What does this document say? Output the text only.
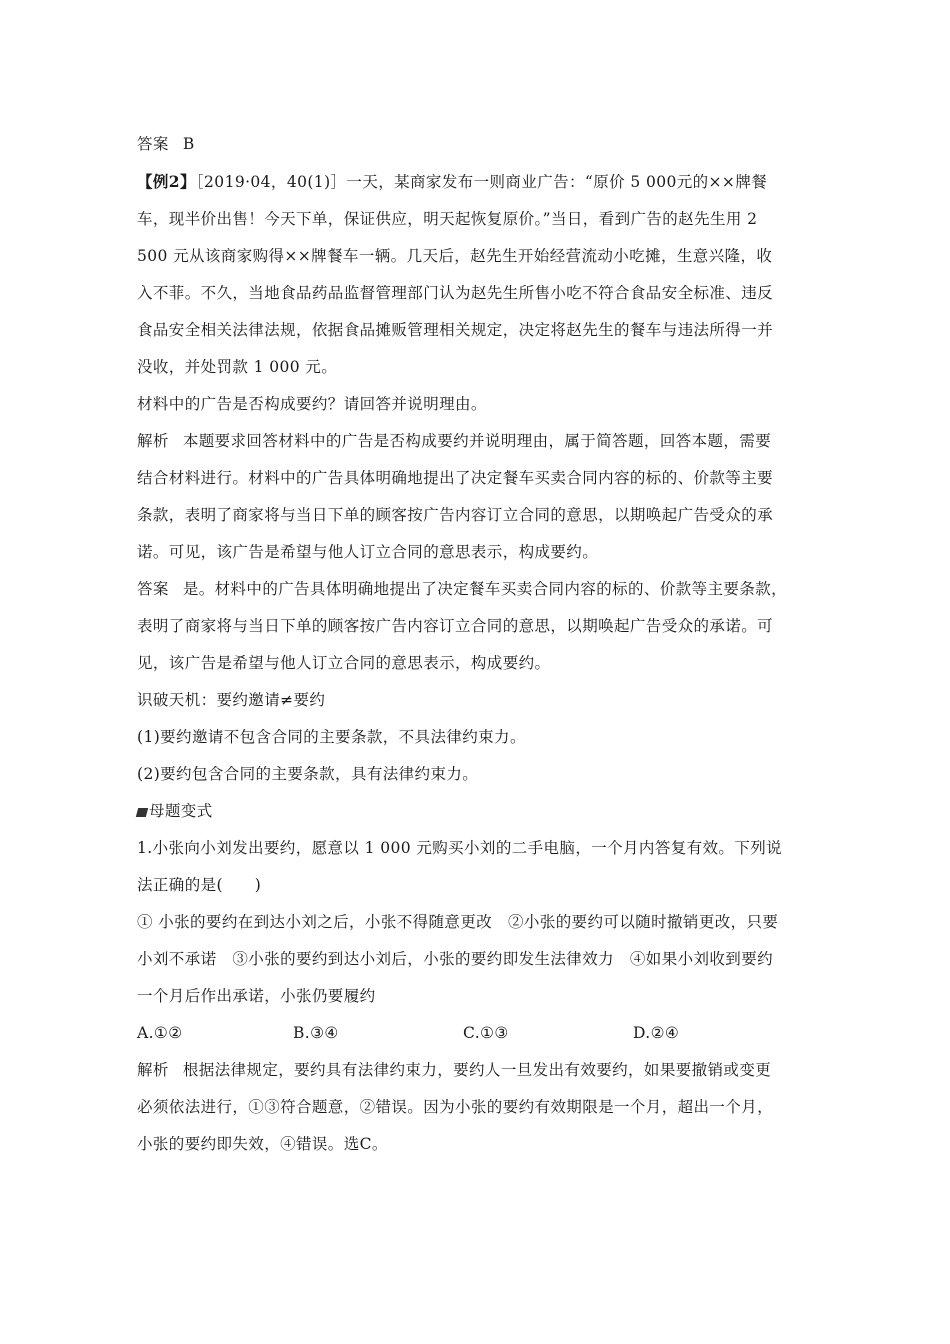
答案 B

【例2】［2019·04，40(1)］一天，某商家发布一则商业广告：“原价 5 000元的××牌餐

车，现半价出售！今天下单，保证供应，明天起恢复原价。”当日，看到广告的赵先生用 2

500 元从该商家购得××牌餐车一辆。几天后，赵先生开始经营流动小吃摊，生意兴隆，收

入不菲。不久，当地食品药品监督管理部门认为赵先生所售小吃不符合食品安全标准、违反

食品安全相关法律法规，依据食品摊贩管理相关规定，决定将赵先生的餐车与违法所得一并

没收，并处罚款 1 000 元。

材料中的广告是否构成要约？请回答并说明理由。

解析 本题要求回答材料中的广告是否构成要约并说明理由，属于简答题，回答本题，需要

结合材料进行。材料中的广告具体明确地提出了决定餐车买卖合同内容的标的、价款等主要

条款，表明了商家将与当日下单的顾客按广告内容订立合同的意思，以期唤起广告受众的承

诺。可见，该广告是希望与他人订立合同的意思表示，构成要约。

答案 是。材料中的广告具体明确地提出了决定餐车买卖合同内容的标的、价款等主要条款，

表明了商家将与当日下单的顾客按广告内容订立合同的意思，以期唤起广告受众的承诺。可

见，该广告是希望与他人订立合同的意思表示，构成要约。

识破天机：要约邀请≠要约

(1)要约邀请不包含合同的主要条款，不具法律约束力。

(2)要约包含合同的主要条款，具有法律约束力。

母题变式

1.小张向小刘发出要约，愿意以 1 000 元购买小刘的二手电脑，一个月内答复有效。下列说

法正确的是(　　)

① 小张的要约在到达小刘之后，小张不得随意更改　②小张的要约可以随时撤销更改，只要

小刘不承诺　③小张的要约到达小刘后，小张的要约即发生法律效力　④如果小刘收到要约

一个月后作出承诺，小张仍要履约

A.①②	B.③④	C.①③	D.②④

解析 根据法律规定，要约具有法律约束力，要约人一旦发出有效要约，如果要撤销或变更

必须依法进行，①③符合题意，②错误。因为小张的要约有效期限是一个月，超出一个月，

小张的要约即失效，④错误。选C。
